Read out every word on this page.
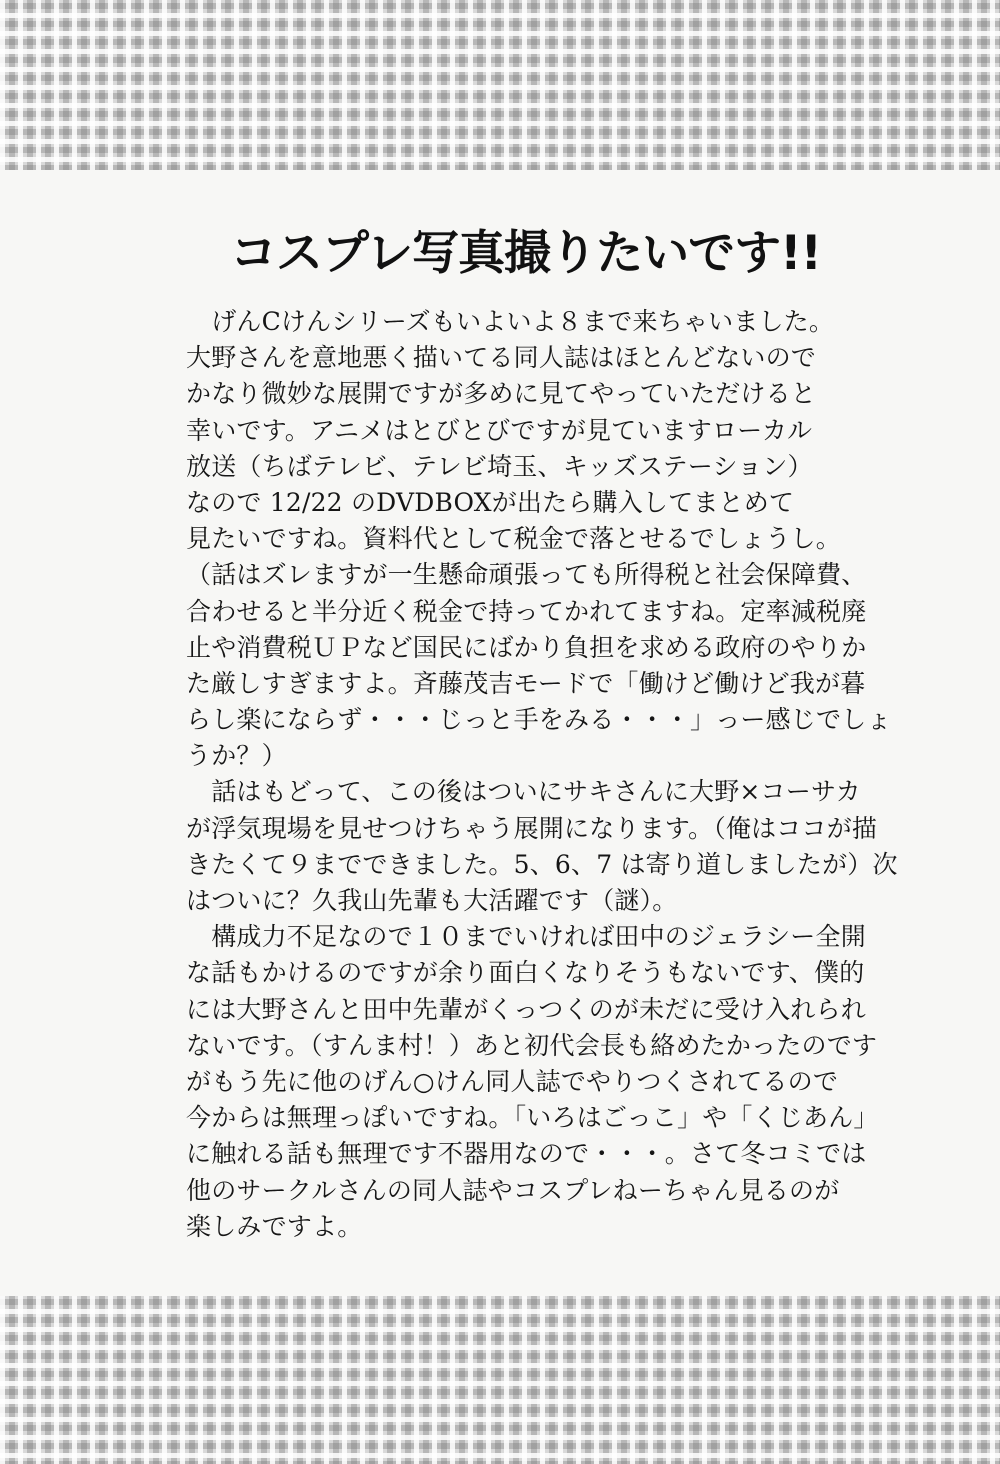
コスプレ写真撮りたいです!!
　げんCけんシリーズもいよいよ８まで来ちゃいました。
大野さんを意地悪く描いてる同人誌はほとんどないので
かなり微妙な展開ですが多めに見てやっていただけると
幸いです。アニメはとびとびですが見ていますローカル
放送（ちばテレビ、テレビ埼玉、キッズステーション）
なので 12/22 のDVDBOXが出たら購入してまとめて
見たいですね。資料代として税金で落とせるでしょうし。
（話はズレますが一生懸命頑張っても所得税と社会保障費、
合わせると半分近く税金で持ってかれてますね。定率減税廃
止や消費税ＵＰなど国民にばかり負担を求める政府のやりか
た厳しすぎますよ。斉藤茂吉モードで「働けど働けど我が暮
らし楽にならず・・・じっと手をみる・・・」っー感じでしょ
うか？）
　話はもどって、この後はついにサキさんに大野×コーサカ
が浮気現場を見せつけちゃう展開になります。（俺はココが描
きたくて９までできました。5、6、7 は寄り道しましたが）次
はついに？久我山先輩も大活躍です（謎）。
　構成力不足なので１０までいければ田中のジェラシー全開
な話もかけるのですが余り面白くなりそうもないです、僕的
には大野さんと田中先輩がくっつくのが未だに受け入れられ
ないです。（すんま村！）あと初代会長も絡めたかったのです
がもう先に他のげん○けん同人誌でやりつくされてるので
今からは無理っぽいですね。「いろはごっこ」や「くじあん」
に触れる話も無理です不器用なので・・・。さて冬コミでは
他のサークルさんの同人誌やコスプレねーちゃん見るのが
楽しみですよ。
